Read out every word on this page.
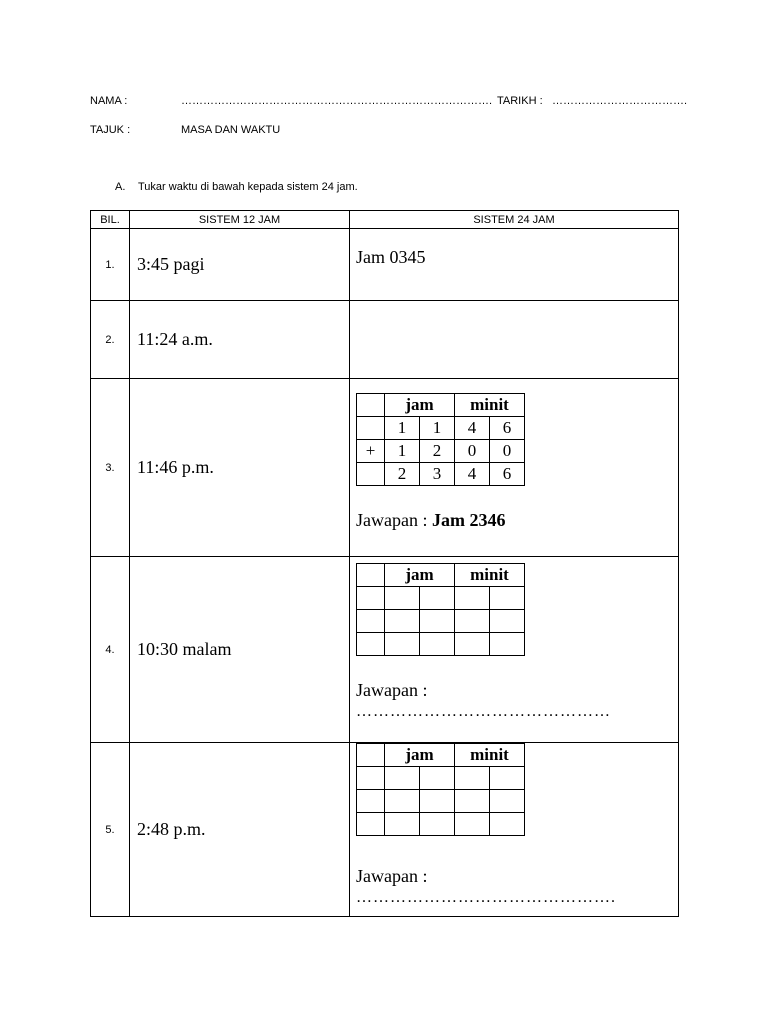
NAMA :	…………………………………………………………………………. TARIKH : ……………………………….
TAJUK :	MASA DAN WAKTU
A. Tukar waktu di bawah kepada sistem 24 jam.
BIL.	SISTEM 12 JAM	SISTEM 24 JAM
1.	3:45 pagi	Jam 0345
2.	11:24 a.m.	
3.	11:46 p.m.	
	jam	minit
	1	1	4	6
+	1	2	0	0
	2	3	4	6
Jawapan : Jam 2346

4.	10:30 malam	
	jam	minit

Jawapan :
………………………………………

5.	2:48 p.m.	
	jam	minit

Jawapan :
……………………………………….
